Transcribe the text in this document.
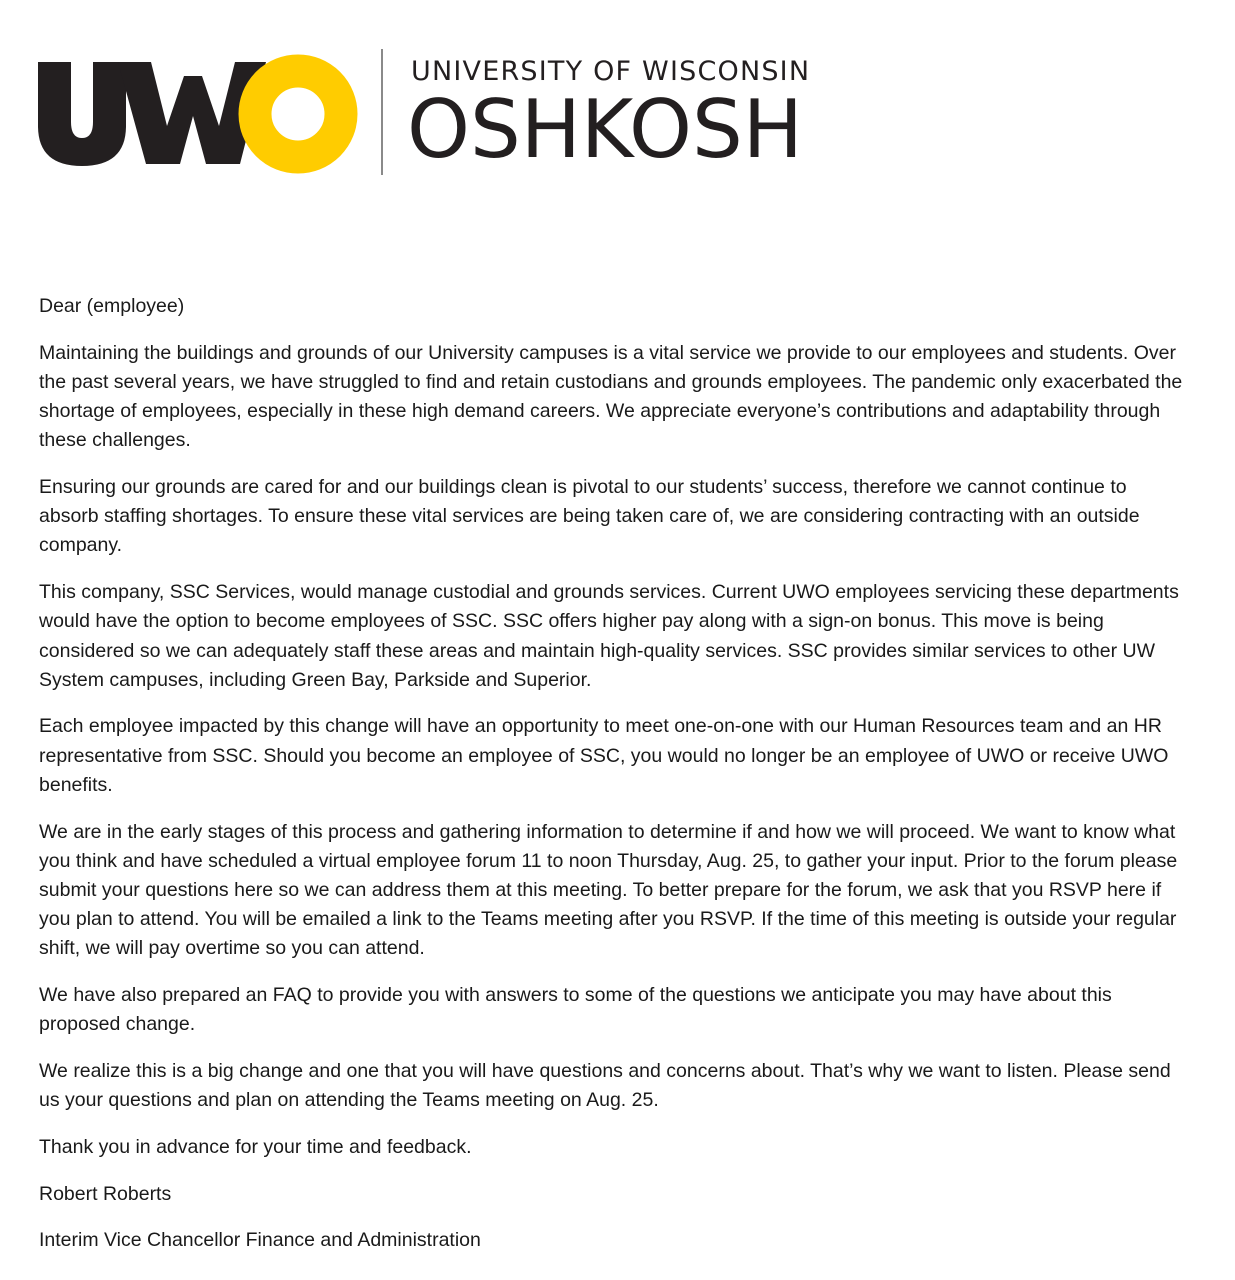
UNIVERSITY OF WISCONSIN
OSHKOSH

Dear (employee)

Maintaining the buildings and grounds of our University campuses is a vital service we provide to our employees and students. Over the past several years, we have struggled to find and retain custodians and grounds employees. The pandemic only exacerbated the shortage of employees, especially in these high demand careers. We appreciate everyone’s contributions and adaptability through these challenges.

Ensuring our grounds are cared for and our buildings clean is pivotal to our students’ success, therefore we cannot continue to absorb staffing shortages. To ensure these vital services are being taken care of, we are considering contracting with an outside company.

This company, SSC Services, would manage custodial and grounds services. Current UWO employees servicing these departments would have the option to become employees of SSC. SSC offers higher pay along with a sign-on bonus. This move is being considered so we can adequately staff these areas and maintain high-quality services. SSC provides similar services to other UW System campuses, including Green Bay, Parkside and Superior.

Each employee impacted by this change will have an opportunity to meet one-on-one with our Human Resources team and an HR representative from SSC. Should you become an employee of SSC, you would no longer be an employee of UWO or receive UWO benefits.

We are in the early stages of this process and gathering information to determine if and how we will proceed. We want to know what you think and have scheduled a virtual employee forum 11 to noon Thursday, Aug. 25, to gather your input. Prior to the forum please submit your questions here so we can address them at this meeting. To better prepare for the forum, we ask that you RSVP here if you plan to attend. You will be emailed a link to the Teams meeting after you RSVP. If the time of this meeting is outside your regular shift, we will pay overtime so you can attend.

We have also prepared an FAQ to provide you with answers to some of the questions we anticipate you may have about this proposed change.

We realize this is a big change and one that you will have questions and concerns about. That’s why we want to listen. Please send us your questions and plan on attending the Teams meeting on Aug. 25.

Thank you in advance for your time and feedback.

Robert Roberts

Interim Vice Chancellor Finance and Administration
